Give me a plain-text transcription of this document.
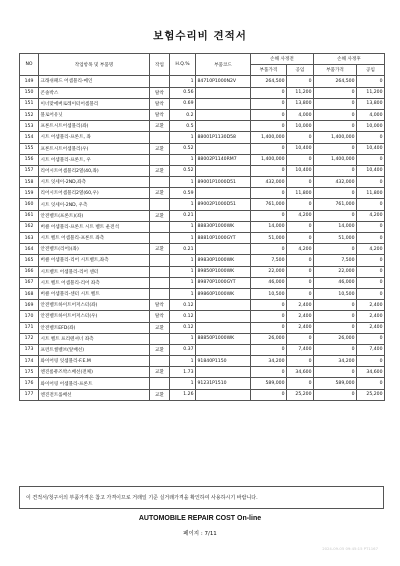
보험수리비 견적서
NO	작업항목 및 부품명	작업	H.Q.%	부품코드	손해 사정전		손해 사정후	
					부품가격	공임	부품가격	공임
149	크래쉬패드 어셈블리-메인		1	84710P1000N2V	264,500	0	264,500	0
150	콘솔박스	탈착	0.56		0	11,200	0	11,200
151	이너맞에버로레이터어셈블리	탈착	0.69		0	13,800	0	13,800
152	블로어유닛	탈착	0.2		0	4,000	0	4,000
153	프론트시트어셈블리(좌)	교환	0.5		0	10,000	0	10,000
154	시트 어셈블리-프론트, 좌		1	88001P1130D58	1,400,000	0	1,400,000	0
155	프론트시트어셈블리(우)	교환	0.52		0	10,400	0	10,400
156	시트 어셈블리-프론트, 우		1	88002P1140RM7	1,400,000	0	1,400,000	0
157	리어시트어셈블리2열(40,좌)	교환	0.52		0	10,400	0	10,400
158	시트 잇세이-2ND,좌측		1	89001P1000D51	432,000	0	432,000	0
159	리어시트어셈블리2열(60,우)	교환	0.59		0	11,800	0	11,800
160	시트 잇세이-2ND, 우측		1	89002P1000D51	761,000	0	761,000	0
161	안전벨트(프론트)(좌)	교환	0.21		0	4,200	0	4,200
162	버클 어셈블리-프론트 시트 벨트 운전석		1	88830P1000WK	14,000	0	14,000	0
163	시트 벨트 어셈블리-프론트 좌측		1	88810P1000GYT	51,000	0	51,000	0
164	안전벨트(리어)(좌)	교환	0.21		0	4,200	0	4,200
165	버클 어셈블리-리어 시트벨트,좌측		1	89830P1000WK	7,500	0	7,500	0
166	시트벨트 어셈블리-리어 센터		1	89850P1000WK	22,000	0	22,000	0
167	시트 벨트 어셈블리-리어 좌측		1	89870P1000GYT	46,000	0	46,000	0
168	버클 어셈블리-센터 시트 벨트		1	89860P1000WK	10,500	0	10,500	0
169	안전벨트하이트어저스터(좌)	탈착	0.12		0	2,400	0	2,400
170	안전벨트하이트어저스터(우)	탈착	0.12		0	2,400	0	2,400
171	안전벨트EFD(좌)	교환	0.12		0	2,400	0	2,400
172	시트 벨트 프리텐셔너 좌측		1	88850P1000WK	26,000	0	26,000	0
173	프런트씰벨브(앞배선)	교환	0.37		0	7,400	0	7,400
174	와이어링 잇셈블리-F.E.M		1	91840P1150	34,200	0	34,200	0
175	엔진룸퓨즈박스배선(전체)	교환	1.73		0	34,600	0	34,600
176	와이어링 어셈블리-프론트		1	91231P1510	589,000	0	589,000	0
177	엔진전트롤배선	교환	1.26		0	25,200	0	25,200
이 견적서/청구서의 부품가격은 참고 가격이므로 거래일 기준 실거래가격을 확인하여 사용하시기 바랍니다.
AUTOMOBILE REPAIR COST On-line
페이지 : 7/11
2024-09-05 09:45:15 PT1167
